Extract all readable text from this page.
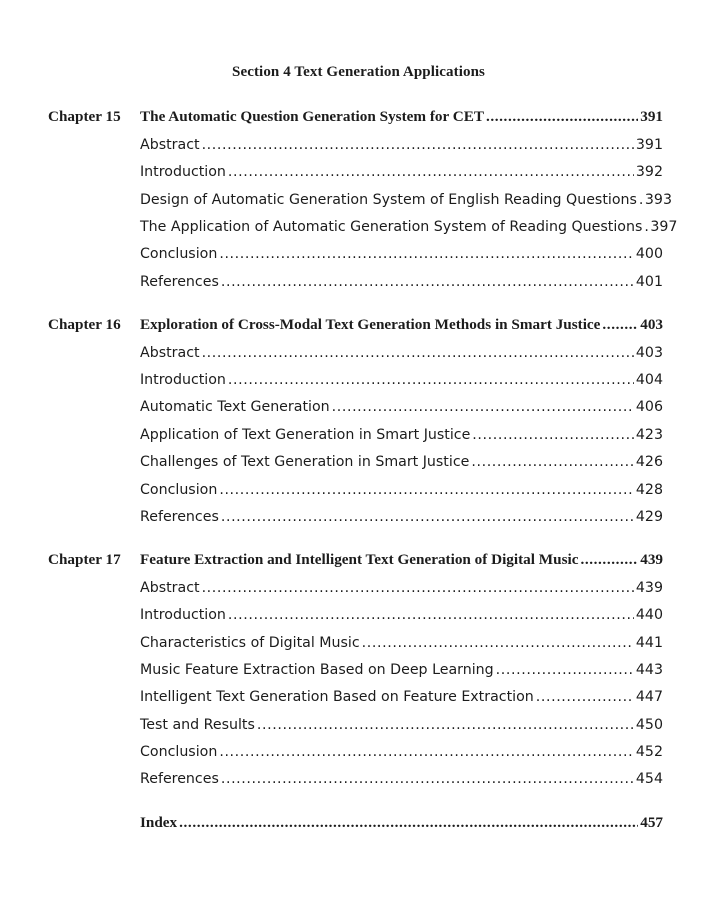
Section 4 Text Generation Applications
Chapter 15	The Automatic Question Generation System for CET .....	391
Abstract .....	391
Introduction .....	392
Design of Automatic Generation System of English Reading Questions ..... 393
The Application of Automatic Generation System of Reading Questions ..... 397
Conclusion .....	400
References .....	401
Chapter 16	Exploration of Cross-Modal Text Generation Methods in Smart Justice .....	403
Abstract .....	403
Introduction .....	404
Automatic Text Generation .....	406
Application of Text Generation in Smart Justice .....	423
Challenges of Text Generation in Smart Justice .....	426
Conclusion .....	428
References .....	429
Chapter 17	Feature Extraction and Intelligent Text Generation of Digital Music .....	439
Abstract .....	439
Introduction .....	440
Characteristics of Digital Music .....	441
Music Feature Extraction Based on Deep Learning .....	443
Intelligent Text Generation Based on Feature Extraction .....	447
Test and Results .....	450
Conclusion .....	452
References .....	454
Index .....	457
